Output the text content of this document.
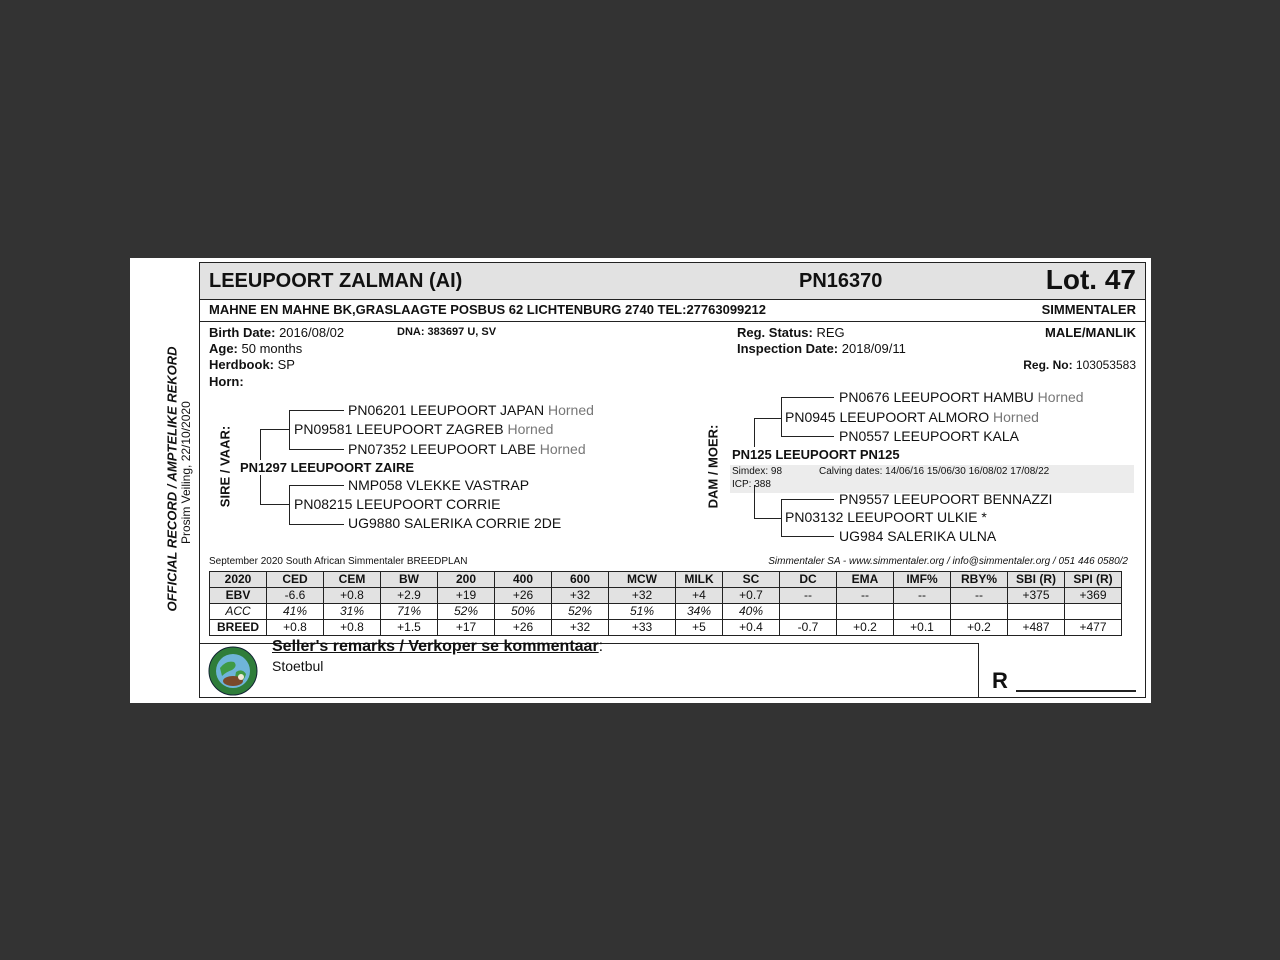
OFFICIAL RECORD / AMPTELIKE REKORD Prosim Veiling, 22/10/2020
LEEUPOORT ZALMAN (AI)	PN16370	Lot. 47
MAHNE EN MAHNE BK,GRASLAAGTE POSBUS 62 LICHTENBURG 2740 TEL:27763099212	SIMMENTALER
Birth Date: 2016/08/02	DNA: 383697 U, SV
Age: 50 months
Herdbook: SP
Horn:
Reg. Status: REG
Inspection Date: 2018/09/11
MALE/MANLIK
Reg. No: 103053583
SIRE / VAAR:
PN06201 LEEUPOORT JAPAN Horned
PN09581 LEEUPOORT ZAGREB Horned
PN07352 LEEUPOORT LABE Horned
PN1297 LEEUPOORT ZAIRE
NMP058 VLEKKE VASTRAP
PN08215 LEEUPOORT CORRIE
UG9880 SALERIKA CORRIE 2DE
DAM / MOER:
PN0676 LEEUPOORT HAMBU Horned
PN0945 LEEUPOORT ALMORO Horned
PN0557 LEEUPOORT KALA
PN125 LEEUPOORT PN125
Simdex: 98	Calving dates: 14/06/16 15/06/30 16/08/02 17/08/22
ICP: 388
PN9557 LEEUPOORT BENNAZZI
PN03132 LEEUPOORT ULKIE *
UG984 SALERIKA ULNA
September 2020 South African Simmentaler BREEDPLAN	Simmentaler SA - www.simmentaler.org / info@simmentaler.org / 051 446 0580/2
2020	CED	CEM	BW	200	400	600	MCW	MILK	SC	DC	EMA	IMF%	RBY%	SBI (R)	SPI (R)
EBV	-6.6	+0.8	+2.9	+19	+26	+32	+32	+4	+0.7	--	--	--	--	+375	+369
ACC	41%	31%	71%	52%	50%	52%	51%	34%	40%						
BREED	+0.8	+0.8	+1.5	+17	+26	+32	+33	+5	+0.4	-0.7	+0.2	+0.1	+0.2	+487	+477
Seller's remarks / Verkoper se kommentaar:
Stoetbul
R
